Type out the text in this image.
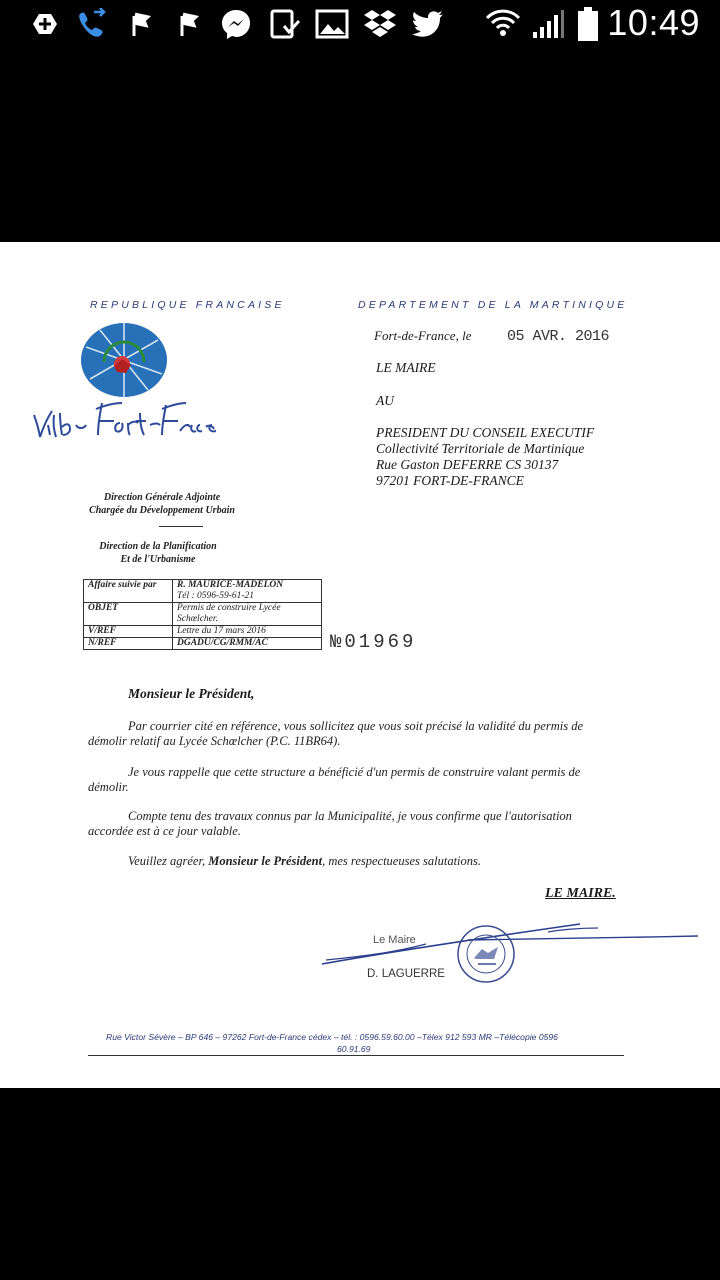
10:49
REPUBLIQUE FRANCAISE	DEPARTEMENT DE LA MARTINIQUE
Fort-de-France, le 05 AVR. 2016
LE MAIRE
AU
PRESIDENT DU CONSEIL EXECUTIF
Collectivité Territoriale de Martinique
Rue Gaston DEFERRE CS 30137
97201 FORT-DE-FRANCE
Direction Générale Adjointe
Chargée du Développement Urbain
Direction de la Planification
Et de l'Urbanisme
Affaire suivie par	R. MAURICE-MADELON
Tél : 0596-59-61-21

OBJET	Permis de construire Lycée
Schœlcher.

V/REF	Lettre du 17 mars 2016
N/REF	DGADU/CG/RMM/AC	№01969
Monsieur le Président,
Par courrier cité en référence, vous sollicitez que vous soit précisé la validité du permis de
démolir relatif au Lycée Schœlcher (P.C. 11BR64).
Je vous rappelle que cette structure a bénéficié d'un permis de construire valant permis de
démolir.
Compte tenu des travaux connus par la Municipalité, je vous confirme que l'autorisation
accordée est à ce jour valable.
Veuillez agréer, Monsieur le Président, mes respectueuses salutations.
LE MAIRE.
Le Maire
D. LAGUERRE
Rue Victor Sévère – BP 646 – 97262 Fort-de-France cédex – tél. : 0596.59.60.00 –Télex 912 593 MR –Télécopie 0596
60.91.69
